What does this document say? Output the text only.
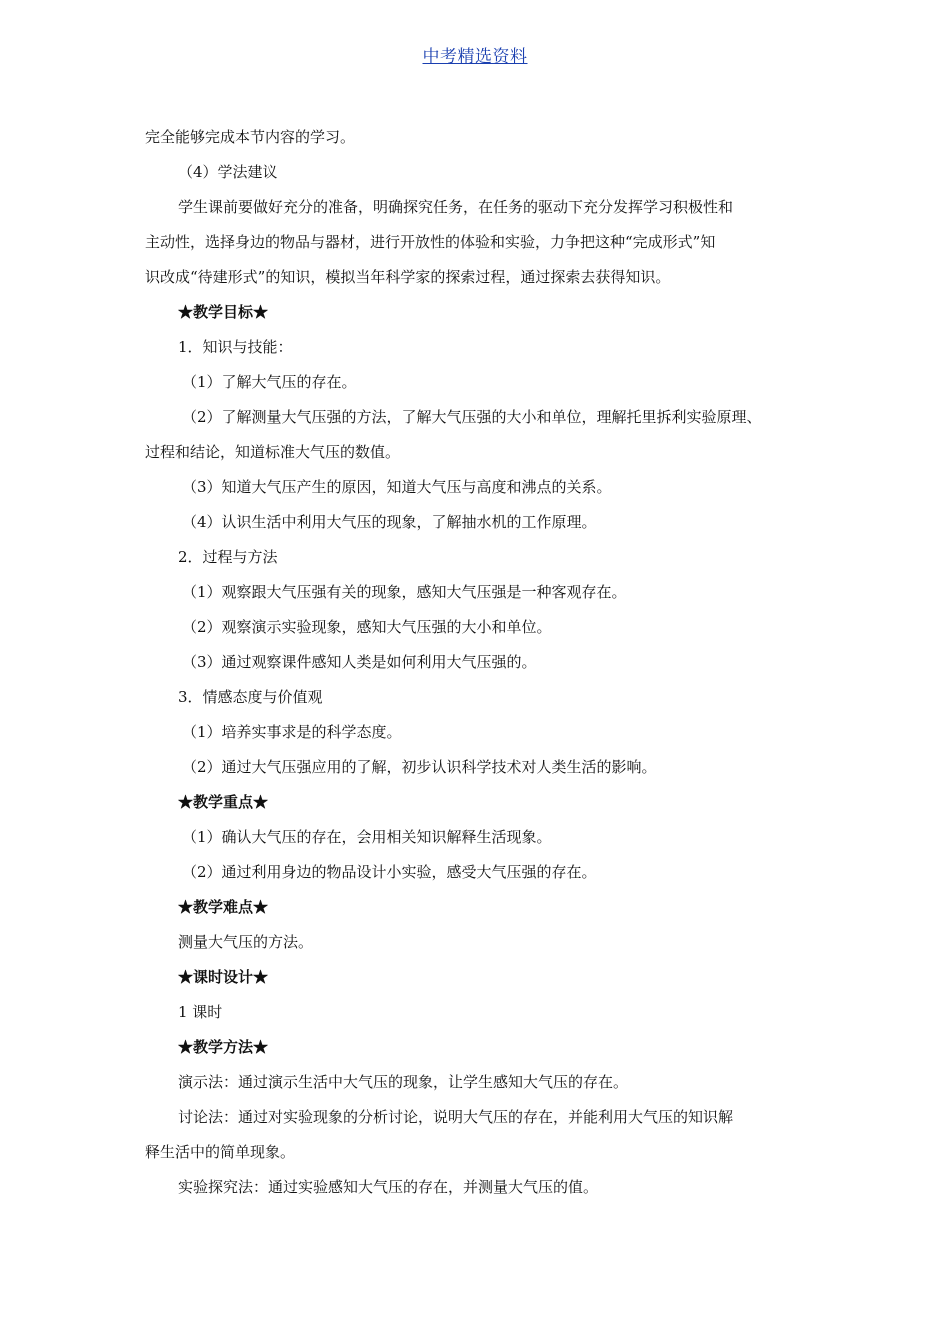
中考精选资料
完全能够完成本节内容的学习。
（4）学法建议
学生课前要做好充分的准备，明确探究任务，在任务的驱动下充分发挥学习积极性和
主动性，选择身边的物品与器材，进行开放性的体验和实验，力争把这种“完成形式”知
识改成“待建形式”的知识，模拟当年科学家的探索过程，通过探索去获得知识。
★教学目标★
1．知识与技能：
（1）了解大气压的存在。
（2）了解测量大气压强的方法，了解大气压强的大小和单位，理解托里拆利实验原理、
过程和结论，知道标准大气压的数值。
（3）知道大气压产生的原因，知道大气压与高度和沸点的关系。
（4）认识生活中利用大气压的现象，了解抽水机的工作原理。
2．过程与方法
（1）观察跟大气压强有关的现象，感知大气压强是一种客观存在。
（2）观察演示实验现象，感知大气压强的大小和单位。
（3）通过观察课件感知人类是如何利用大气压强的。
3．情感态度与价值观
（1）培养实事求是的科学态度。
（2）通过大气压强应用的了解，初步认识科学技术对人类生活的影响。
★教学重点★
（1）确认大气压的存在，会用相关知识解释生活现象。
（2）通过利用身边的物品设计小实验，感受大气压强的存在。
★教学难点★
测量大气压的方法。
★课时设计★
1 课时
★教学方法★
演示法：通过演示生活中大气压的现象，让学生感知大气压的存在。
讨论法：通过对实验现象的分析讨论，说明大气压的存在，并能利用大气压的知识解
释生活中的简单现象。
实验探究法：通过实验感知大气压的存在，并测量大气压的值。
